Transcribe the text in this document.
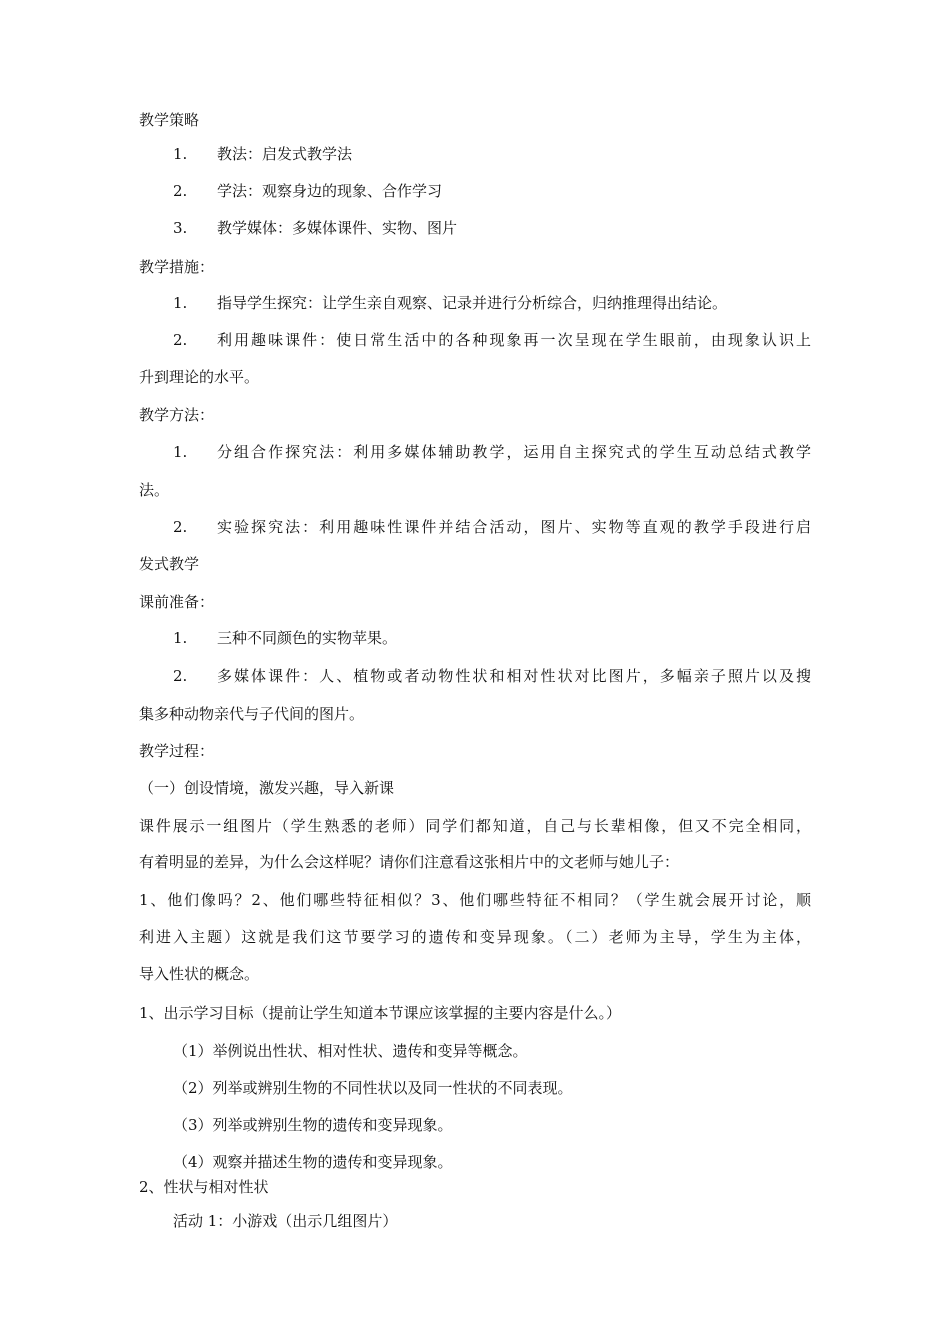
教学策略
1. 教法：启发式教学法
2. 学法：观察身边的现象、合作学习
3. 教学媒体：多媒体课件、实物、图片
教学措施：
1. 指导学生探究：让学生亲自观察、记录并进行分析综合，归纳推理得出结论。
2. 利用趣味课件：使日常生活中的各种现象再一次呈现在学生眼前，由现象认识上
升到理论的水平。
教学方法：
1. 分组合作探究法：利用多媒体辅助教学，运用自主探究式的学生互动总结式教学
法。
2. 实验探究法：利用趣味性课件并结合活动，图片、实物等直观的教学手段进行启
发式教学
课前准备：
1. 三种不同颜色的实物苹果。
2. 多媒体课件：人、植物或者动物性状和相对性状对比图片，多幅亲子照片以及搜
集多种动物亲代与子代间的图片。
教学过程：
（一）创设情境，激发兴趣，导入新课
课件展示一组图片（学生熟悉的老师）同学们都知道，自己与长辈相像，但又不完全相同，
有着明显的差异，为什么会这样呢？请你们注意看这张相片中的文老师与她儿子：
1、他们像吗？2、他们哪些特征相似？3、他们哪些特征不相同？（学生就会展开讨论，顺
利进入主题）这就是我们这节要学习的遗传和变异现象。（二）老师为主导，学生为主体，
导入性状的概念。
1、出示学习目标（提前让学生知道本节课应该掌握的主要内容是什么。）
（1）举例说出性状、相对性状、遗传和变异等概念。
（2）列举或辨别生物的不同性状以及同一性状的不同表现。
（3）列举或辨别生物的遗传和变异现象。
（4）观察并描述生物的遗传和变异现象。
2、性状与相对性状
活动 1：小游戏（出示几组图片）
